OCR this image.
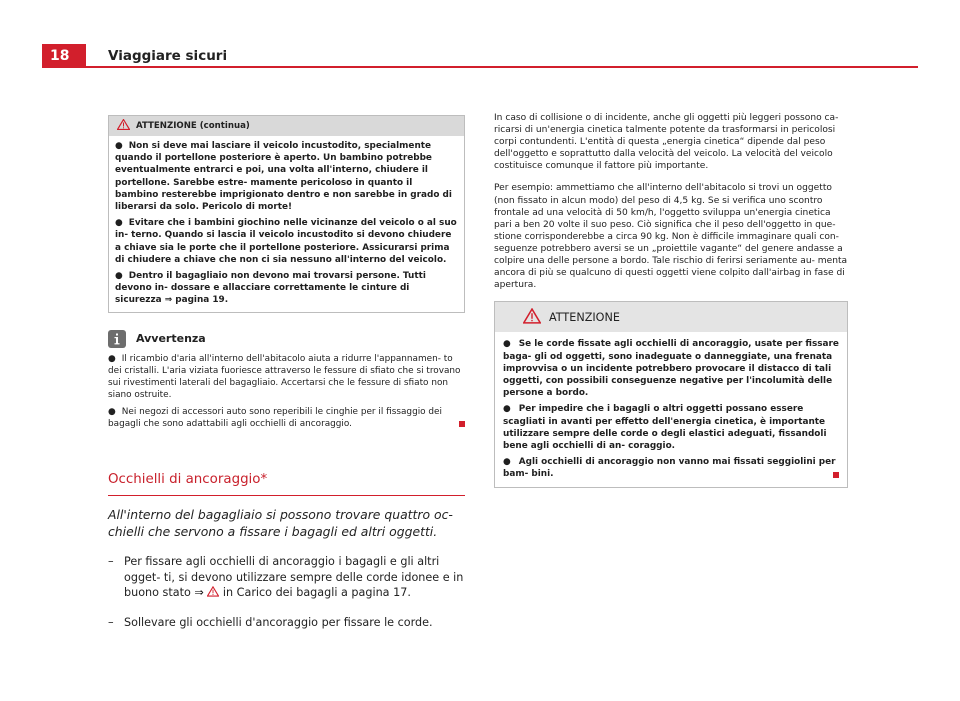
18	Viaggiare sicuri
ATTENZIONE (continua)

● Non si deve mai lasciare il veicolo incustodito, specialmente quando il portellone posteriore è aperto. Un bambino potrebbe eventualmente entrarci e poi, una volta all'interno, chiudere il portellone. Sarebbe estre- mamente pericoloso in quanto il bambino resterebbe imprigionato dentro e non sarebbe in grado di liberarsi da solo. Pericolo di morte!

● Evitare che i bambini giochino nelle vicinanze del veicolo o al suo in- terno. Quando si lascia il veicolo incustodito si devono chiudere a chiave sia le porte che il portellone posteriore. Assicurarsi prima di chiudere a chiave che non ci sia nessuno all'interno del veicolo.

● Dentro il bagagliaio non devono mai trovarsi persone. Tutti devono in- dossare e allacciare correttamente le cinture di sicurezza ⇒ pagina 19.

Avvertenza

● Il ricambio d'aria all'interno dell'abitacolo aiuta a ridurre l'appannamen- to dei cristalli. L'aria viziata fuoriesce attraverso le fessure di sfiato che si trovano sui rivestimenti laterali del bagagliaio. Accertarsi che le fessure di sfiato non siano ostruite.

● Nei negozi di accessori auto sono reperibili le cinghie per il fissaggio dei bagagli che sono adattabili agli occhielli di ancoraggio.

Occhielli di ancoraggio*
All'interno del bagagliaio si possono trovare quattro oc- chielli che servono a fissare i bagagli ed altri oggetti.
– Per fissare agli occhielli di ancoraggio i bagagli e gli altri ogget- ti, si devono utilizzare sempre delle corde idonee e in buono stato ⇒ in Carico dei bagagli a pagina 17.
– Sollevare gli occhielli d'ancoraggio per fissare le corde.

In caso di collisione o di incidente, anche gli oggetti più leggeri possono ca- ricarsi di un'energia cinetica talmente potente da trasformarsi in pericolosi corpi contundenti. L'entità di questa „energia cinetica“ dipende dal peso dell'oggetto e soprattutto dalla velocità del veicolo. La velocità del veicolo costituisce comunque il fattore più importante.

Per esempio: ammettiamo che all'interno dell'abitacolo si trovi un oggetto (non fissato in alcun modo) del peso di 4,5 kg. Se si verifica uno scontro frontale ad una velocità di 50 km/h, l'oggetto sviluppa un'energia cinetica pari a ben 20 volte il suo peso. Ciò significa che il peso dell'oggetto in que- stione corrisponderebbe a circa 90 kg. Non è difficile immaginare quali con- seguenze potrebbero aversi se un „proiettile vagante“ del genere andasse a colpire una delle persone a bordo. Tale rischio di ferirsi seriamente au- menta ancora di più se qualcuno di questi oggetti viene colpito dall'airbag in fase di apertura.

ATTENZIONE

● Se le corde fissate agli occhielli di ancoraggio, usate per fissare baga- gli od oggetti, sono inadeguate o danneggiate, una frenata improvvisa o un incidente potrebbero provocare il distacco di tali oggetti, con possibili conseguenze negative per l'incolumità delle persone a bordo.

● Per impedire che i bagagli o altri oggetti possano essere scagliati in avanti per effetto dell'energia cinetica, è importante utilizzare sempre delle corde o degli elastici adeguati, fissandoli bene agli occhielli di an- coraggio.

● Agli occhielli di ancoraggio non vanno mai fissati seggiolini per bam- bini.
